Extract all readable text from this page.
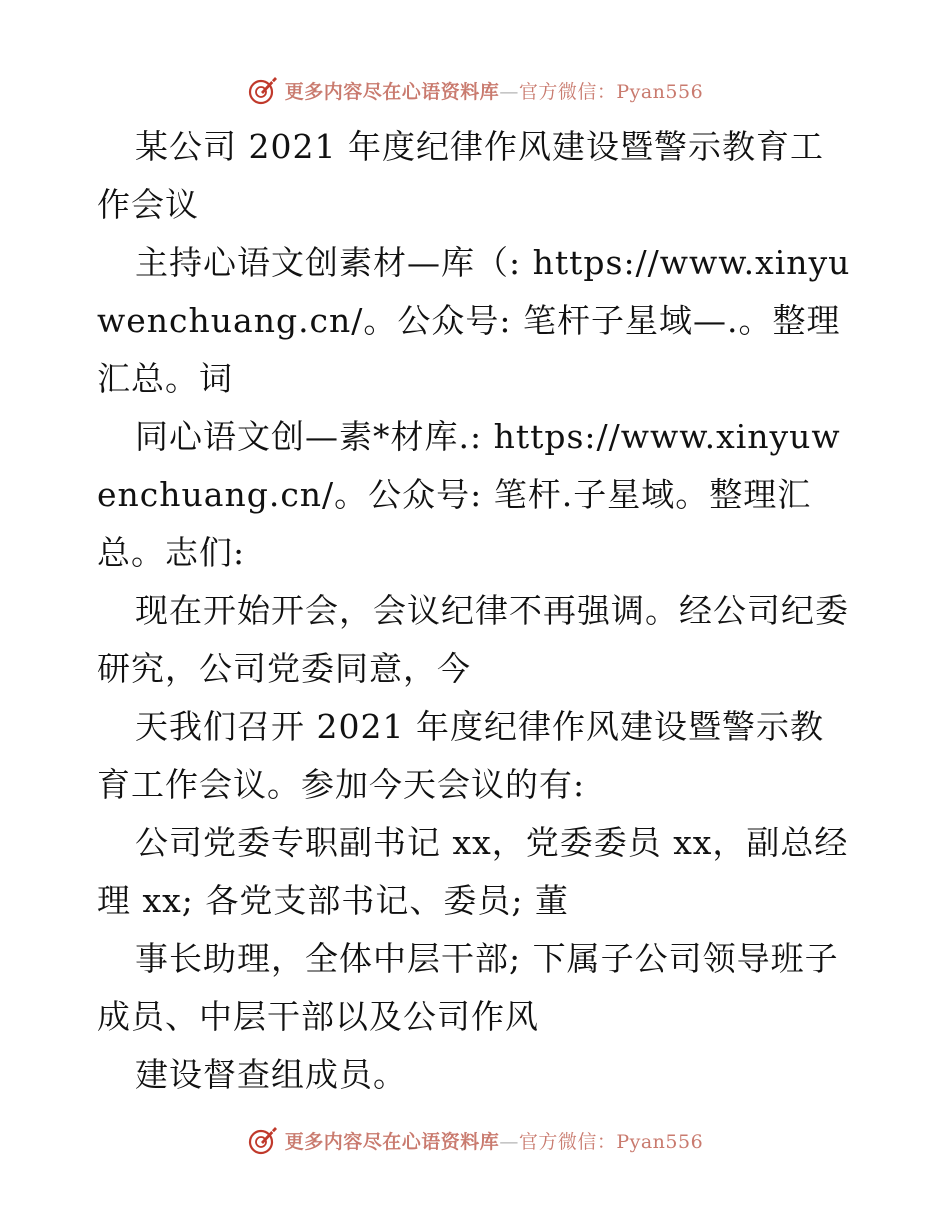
更多内容尽在心语资料库—官方微信：Pyan556

某公司 2021 年度纪律作风建设暨警示教育工作会议

主持心语文创素材—库（: https://www.xinyuwenchuang.cn/。公众号: 笔杆子星域—.。整理汇总。词

同心语文创—素*材库.: https://www.xinyuwenchuang.cn/。公众号: 笔杆.子星域。整理汇总。志们:

现在开始开会，会议纪律不再强调。经公司纪委研究，公司党委同意，今

天我们召开 2021 年度纪律作风建设暨警示教育工作会议。参加今天会议的有:

公司党委专职副书记 xx，党委委员 xx，副总经理 xx; 各党支部书记、委员; 董

事长助理，全体中层干部; 下属子公司领导班子成员、中层干部以及公司作风

建设督查组成员。

更多内容尽在心语资料库—官方微信：Pyan556
